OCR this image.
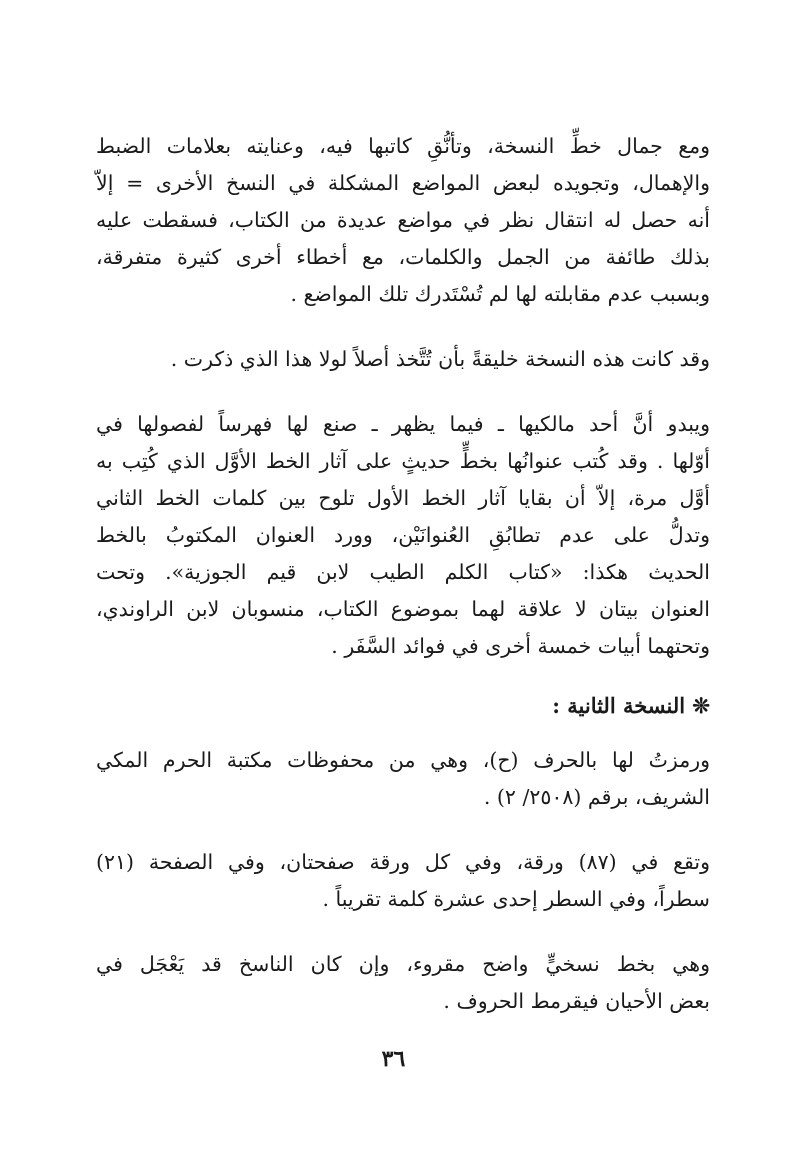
ومع جمال خطِّ النسخة، وتأنُّقِ كاتبها فيه، وعنايته بعلامات الضبط
والإهمال، وتجويده لبعض المواضع المشكلة في النسخ الأخرى = إلاّ
أنه حصل له انتقال نظر في مواضع عديدة من الكتاب، فسقطت عليه
بذلك طائفة من الجمل والكلمات، مع أخطاء أخرى كثيرة متفرقة،
وبسبب عدم مقابلته لها لم تُسْتَدرك تلك المواضع .
وقد كانت هذه النسخة خليقةً بأن تُتَّخذ أصلاً لولا هذا الذي ذكرت .
ويبدو أنَّ أحد مالكيها ـ فيما يظهر ـ صنع لها فهرساً لفصولها في
أوّلها . وقد كُتب عنوانُها بخطٍّ حديثٍ على آثار الخط الأوَّل الذي كُتِب به
أوَّل مرة، إلاّ أن بقايا آثار الخط الأول تلوح بين كلمات الخط الثاني
وتدلُّ على عدم تطابُقِ العُنوانَيْن، وورد العنوان المكتوبُ بالخط
الحديث هكذا: «كتاب الكلم الطيب لابن قيم الجوزية». وتحت
العنوان بيتان لا علاقة لهما بموضوع الكتاب، منسوبان لابن الراوندي،
وتحتهما أبيات خمسة أخرى في فوائد السَّفَر .
❊ النسخة الثانية :
ورمزتُ لها بالحرف (ح)، وهي من محفوظات مكتبة الحرم المكي
الشريف، برقم (٢٥٠٨/ ٢) .
وتقع في (٨٧) ورقة، وفي كل ورقة صفحتان، وفي الصفحة (٢١)
سطراً، وفي السطر إحدى عشرة كلمة تقريباً .
وهي بخط نسخيٍّ واضح مقروء، وإن كان الناسخ قد يَعْجَل في
بعض الأحيان فيقرمط الحروف .
٣٦
